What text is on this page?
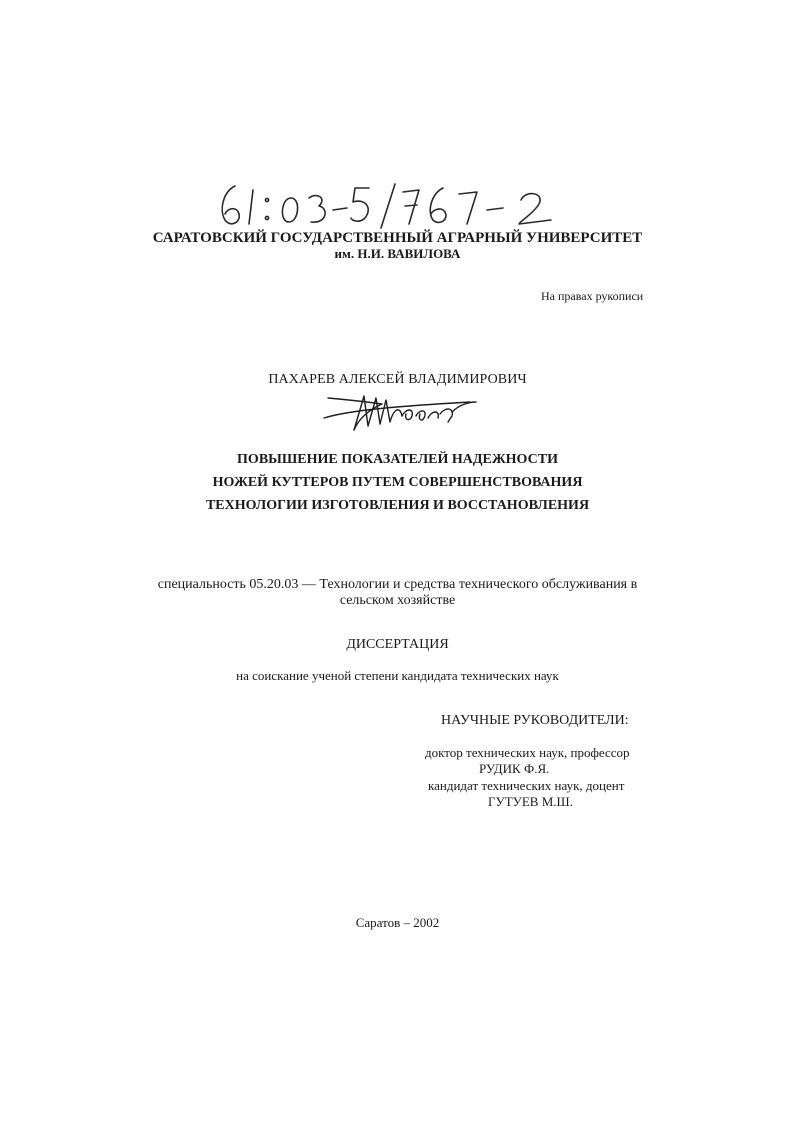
САРАТОВСКИЙ ГОСУДАРСТВЕННЫЙ АГРАРНЫЙ УНИВЕРСИТЕТ
им. Н.И. ВАВИЛОВА
На правах рукописи
ПАХАРЕВ АЛЕКСЕЙ ВЛАДИМИРОВИЧ
ПОВЫШЕНИЕ ПОКАЗАТЕЛЕЙ НАДЕЖНОСТИ
НОЖЕЙ КУТТЕРОВ ПУТЕМ СОВЕРШЕНСТВОВАНИЯ
ТЕХНОЛОГИИ ИЗГОТОВЛЕНИЯ И ВОССТАНОВЛЕНИЯ
специальность 05.20.03 — Технологии и средства технического обслуживания в
сельском хозяйстве
ДИССЕРТАЦИЯ
на соискание ученой степени кандидата технических наук
НАУЧНЫЕ РУКОВОДИТЕЛИ:
доктор технических наук, профессор
РУДИК Ф.Я.
кандидат технических наук, доцент
ГУТУЕВ М.Ш.
Саратов – 2002
